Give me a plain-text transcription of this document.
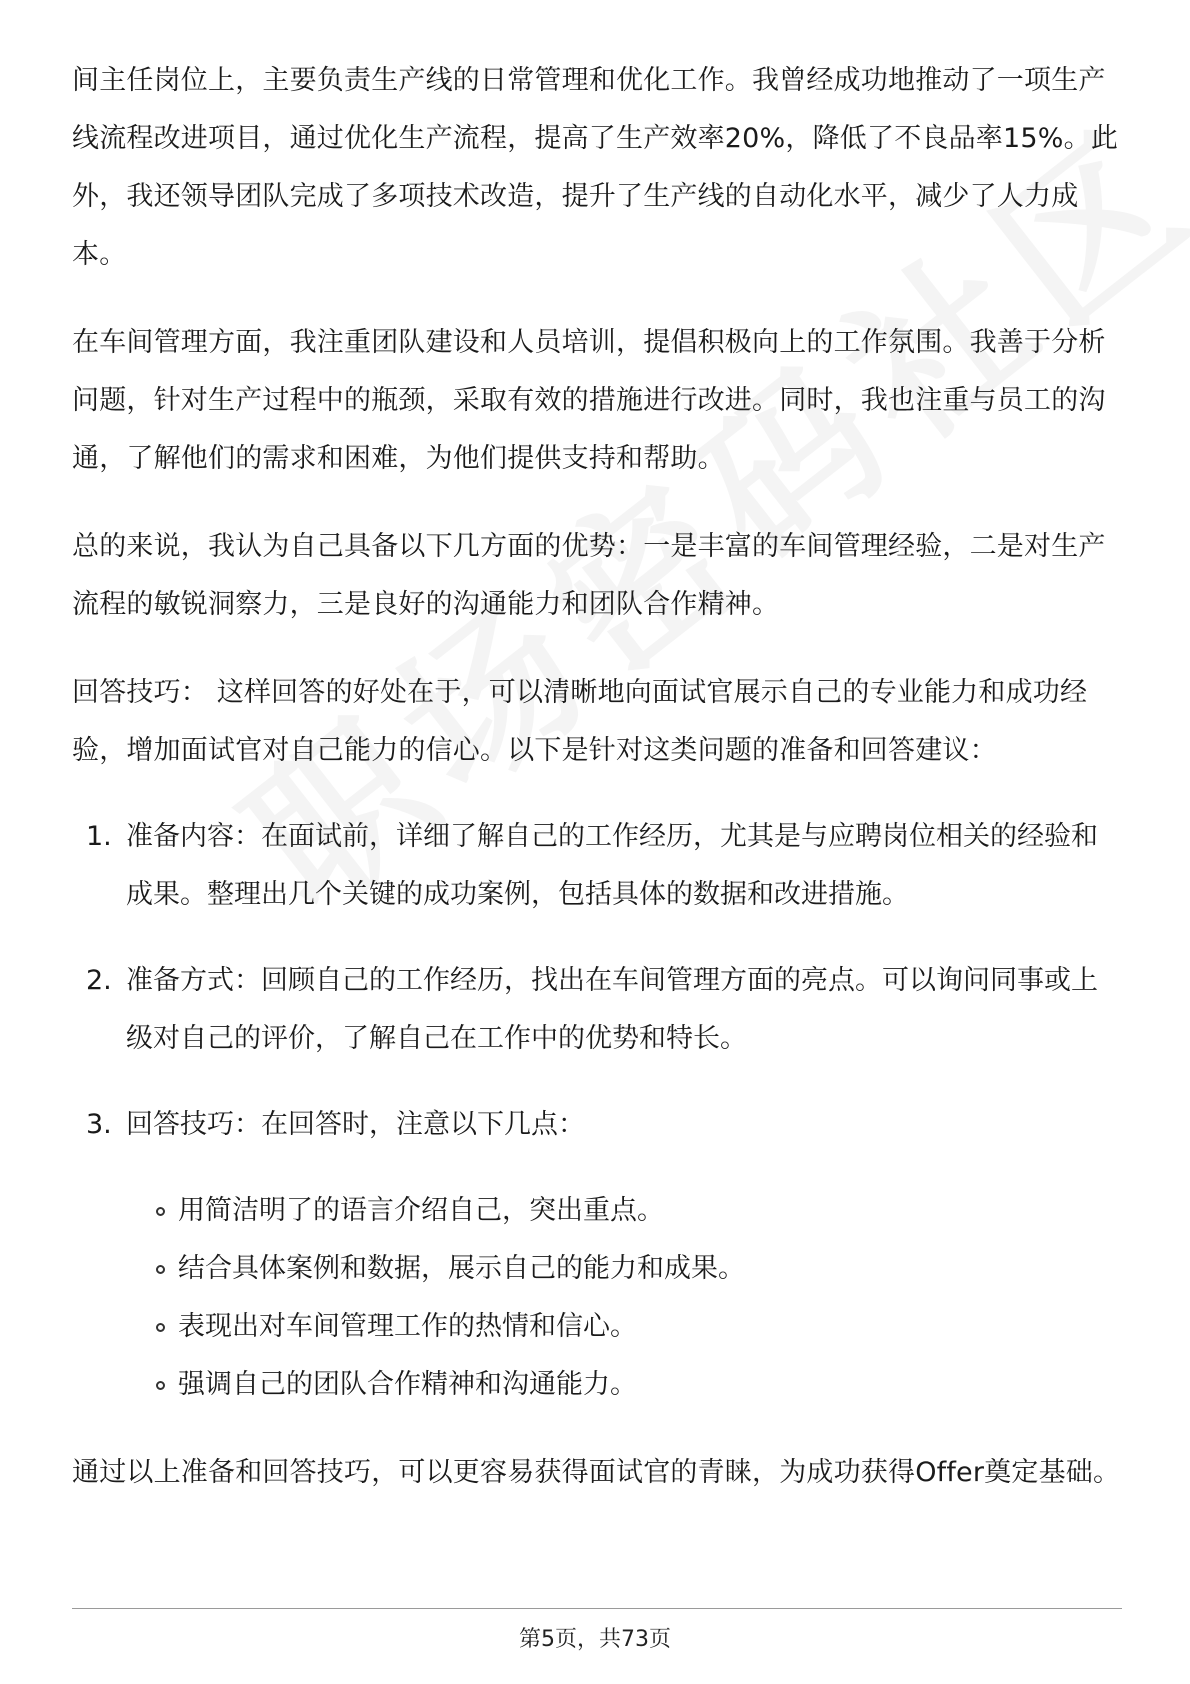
间主任岗位上，主要负责生产线的日常管理和优化工作。我曾经成功地推动了一项生产线流程改进项目，通过优化生产流程，提高了生产效率20%，降低了不良品率15%。此外，我还领导团队完成了多项技术改造，提升了生产线的自动化水平，减少了人力成本。

在车间管理方面，我注重团队建设和人员培训，提倡积极向上的工作氛围。我善于分析问题，针对生产过程中的瓶颈，采取有效的措施进行改进。同时，我也注重与员工的沟通，了解他们的需求和困难，为他们提供支持和帮助。

总的来说，我认为自己具备以下几方面的优势：一是丰富的车间管理经验，二是对生产流程的敏锐洞察力，三是良好的沟通能力和团队合作精神。

回答技巧： 这样回答的好处在于，可以清晰地向面试官展示自己的专业能力和成功经验，增加面试官对自己能力的信心。以下是针对这类问题的准备和回答建议：

1. 准备内容：在面试前，详细了解自己的工作经历，尤其是与应聘岗位相关的经验和成果。整理出几个关键的成功案例，包括具体的数据和改进措施。
2. 准备方式：回顾自己的工作经历，找出在车间管理方面的亮点。可以询问同事或上级对自己的评价，了解自己在工作中的优势和特长。
3. 回答技巧：在回答时，注意以下几点：
用简洁明了的语言介绍自己，突出重点。
结合具体案例和数据，展示自己的能力和成果。
表现出对车间管理工作的热情和信心。
强调自己的团队合作精神和沟通能力。

通过以上准备和回答技巧，可以更容易获得面试官的青睐，为成功获得Offer奠定基础。

第5页，共73页
